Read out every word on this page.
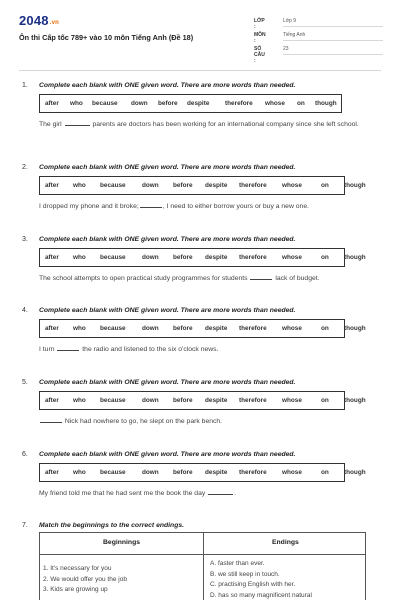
2048.vn
Ôn thi Cấp tốc 789+ vào 10 môn Tiếng Anh (Đề 18)
LỚP :
Lớp 9
MÔN :
Tiếng Anh
SỐ CÂU :
23
1. Complete each blank with ONE given word. There are more words than needed.
after who because down before despite therefore whose on though
The girl	parents are doctors has been working for an international company since she left school.
2. Complete each blank with ONE given word. There are more words than needed.
after who because	down before despite therefore whose	on though
I dropped my phone and it broke;	, I need to either borrow yours or buy a new one.
3. Complete each blank with ONE given word. There are more words than needed.
after who because	down before despite therefore whose	on though
The school attempts to open practical study programmes for students	lack of budget.
4. Complete each blank with ONE given word. There are more words than needed.
after who because	down before despite therefore whose	on though
I turn	the radio and listened to the six o'clock news.
5. Complete each blank with ONE given word. There are more words than needed.
after who because	down before despite therefore whose	on though
Nick had nowhere to go, he slept on the park bench.
6. Complete each blank with ONE given word. There are more words than needed.
after who because	down before despite therefore whose	on though
My friend told me that he had sent me the book the day	.
7. Match the beginnings to the correct endings.
Beginnings	Endings
1. It's necessary for you
2. We would offer you the job
3. Kids are growing up
A. faster than ever.
B. we still keep in touch.
C. practising English with her.
D. has so many magnificent natural
